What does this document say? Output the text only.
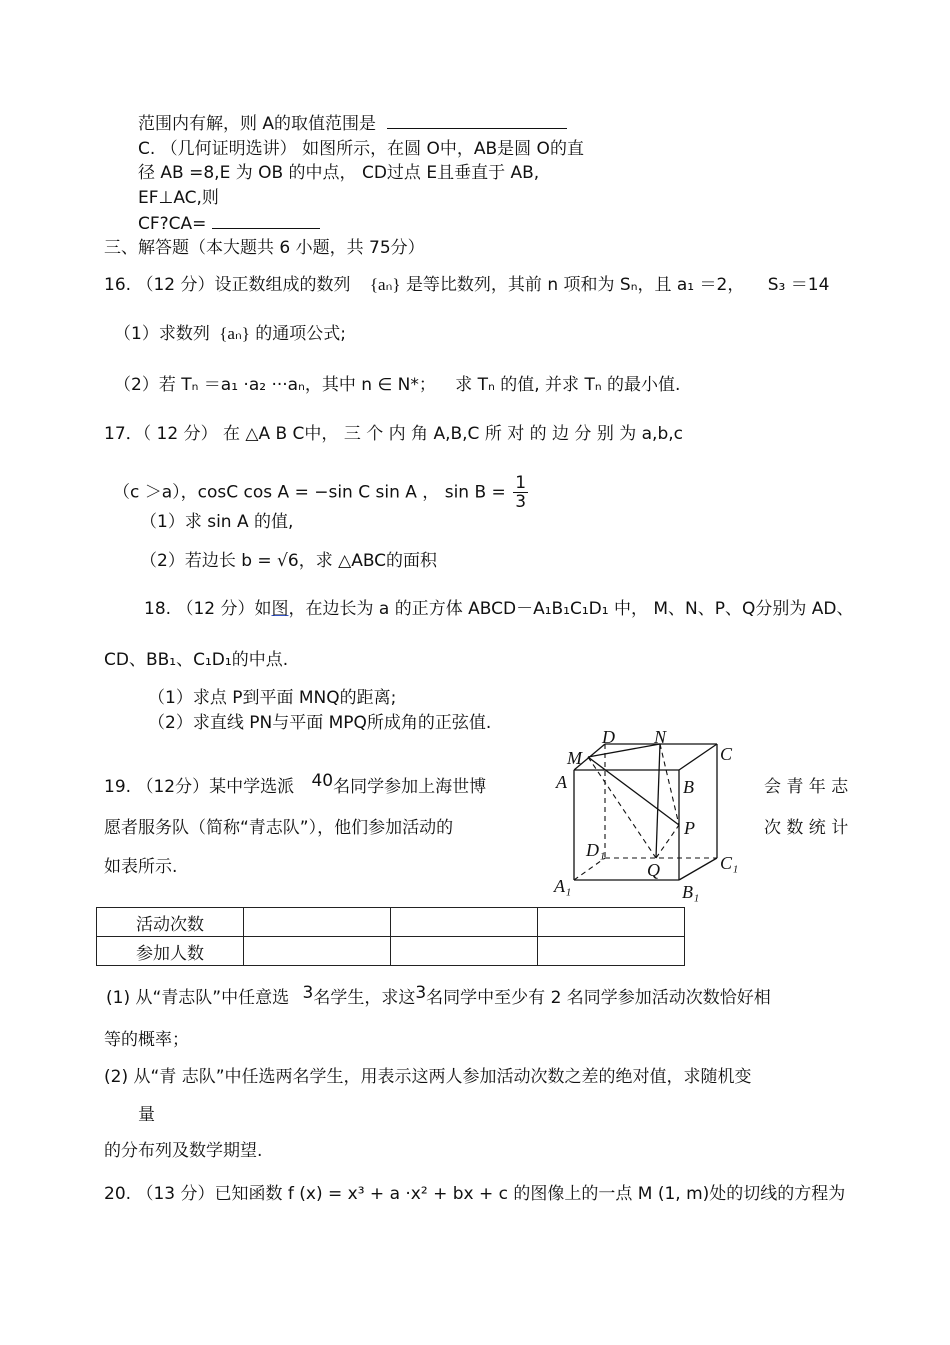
范围内有解，则 A的取值范围是
C. （几何证明选讲） 如图所示，在圆 O中，AB是圆 O的直
径 AB =8,E 为 OB 的中点， CD过点 E且垂直于 AB,
EF⊥AC,则
CF?CA=
三、解答题（本大题共 6 小题，共 75分）
16. （12 分）设正数组成的数列 {aₙ} 是等比数列，其前 n 项和为 Sₙ，且 a₁ ＝2， S₃ ＝14
（1）求数列 {aₙ} 的通项公式;
（2）若 Tₙ ＝a₁ ·a₂ ···aₙ，其中 n ∈ N*； 求 Tₙ 的值, 并求 Tₙ 的最小值.
17．（ 12 分） 在 △A B C中， 三 个 内 角 A,B,C 所 对 的 边 分 别 为 a,b,c
（c ＞a），cosC cos A = −sin C sin A ， $\sin B = \frac{1}{3}$
（1）求 sin A 的值,
（2）若边长 b = √6，求 △ABC的面积
18. （12 分）如图，在边长为 a 的正方体 ABCD－A₁B₁C₁D₁ 中， M、N、P、Q分别为 AD、
CD、BB₁、C₁D₁的中点.
（1）求点 P到平面 MNQ的距离;
（2）求直线 PN与平面 MPQ所成角的正弦值.
19. （12分）某中学选派 40名同学参加上海世博	会 青 年 志
愿者服务队（简称“青志队”），他们参加活动的	次 数 统 计
如表所示.
A
M
D N
C
B
P
D₁
Q	C₁
A₁	B₁
活动次数			
参加人数			
(1) 从“青志队”中任意选 3名学生，求这3名同学中至少有 2 名同学参加活动次数恰好相
等的概率；
(2) 从“青 志队”中任选两名学生，用表示这两人参加活动次数之差的绝对值，求随机变
量
的分布列及数学期望.
20. （13 分）已知函数 f (x) = x³ + a ·x² + bx + c 的图像上的一点 M (1, m)处的切线的方程为
